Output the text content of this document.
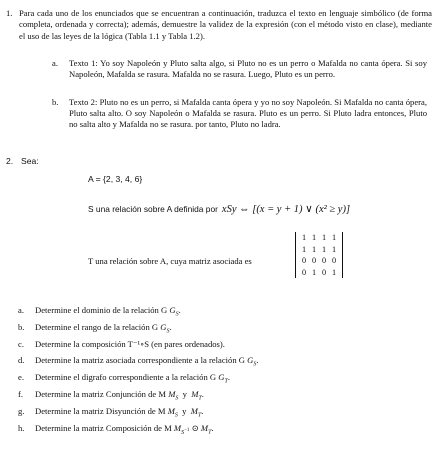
1. Para cada uno de los enunciados que se encuentran a continuación, traduzca el texto en lenguaje simbólico (de forma completa, ordenada y correcta); además, demuestre la validez de la expresión (con el método visto en clase), mediante el uso de las leyes de la lógica (Tabla 1.1 y Tabla 1.2).
a. Texto 1: Yo soy Napoleón y Pluto salta algo, si Pluto no es un perro o Mafalda no canta ópera. Si soy Napoleón, Mafalda se rasura. Mafalda no se rasura. Luego, Pluto es un perro.
b. Texto 2: Pluto no es un perro, si Mafalda canta ópera y yo no soy Napoleón. Si Mafalda no canta ópera, Pluto salta alto. O soy Napoleón o Mafalda se rasura. Pluto es un perro. Si Pluto ladra entonces, Pluto no salta alto y Mafalda no se rasura. por tanto, Pluto no ladra.
2. Sea:
A = {2, 3, 4, 6}
S una relación sobre A definida por xSy ⇔ [(x = y + 1) ∨ (x² ≥ y)]
T una relación sobre A, cuya matriz asociada es
1	1	1	1
1	1	1	1
0	0	0	0
0	1	0	1
a. Determine el dominio de la relación G $G_S$.
b. Determine el rango de la relación G $G_S$.
c. Determine la composición T⁻¹∘S (en pares ordenados).
d. Determine la matriz asociada correspondiente a la relación G $G_S$.
e. Determine el digrafo correspondiente a la relación G $G_T$.
f. Determine la matriz Conjunción de M $M_S$  y  $M_T$.
g. Determine la matriz Disyunción de M $M_S$  y  $M_T$.
h. Determine la matriz Composición de M $M_{S^{-1}}$ ⊙ $M_T$.
